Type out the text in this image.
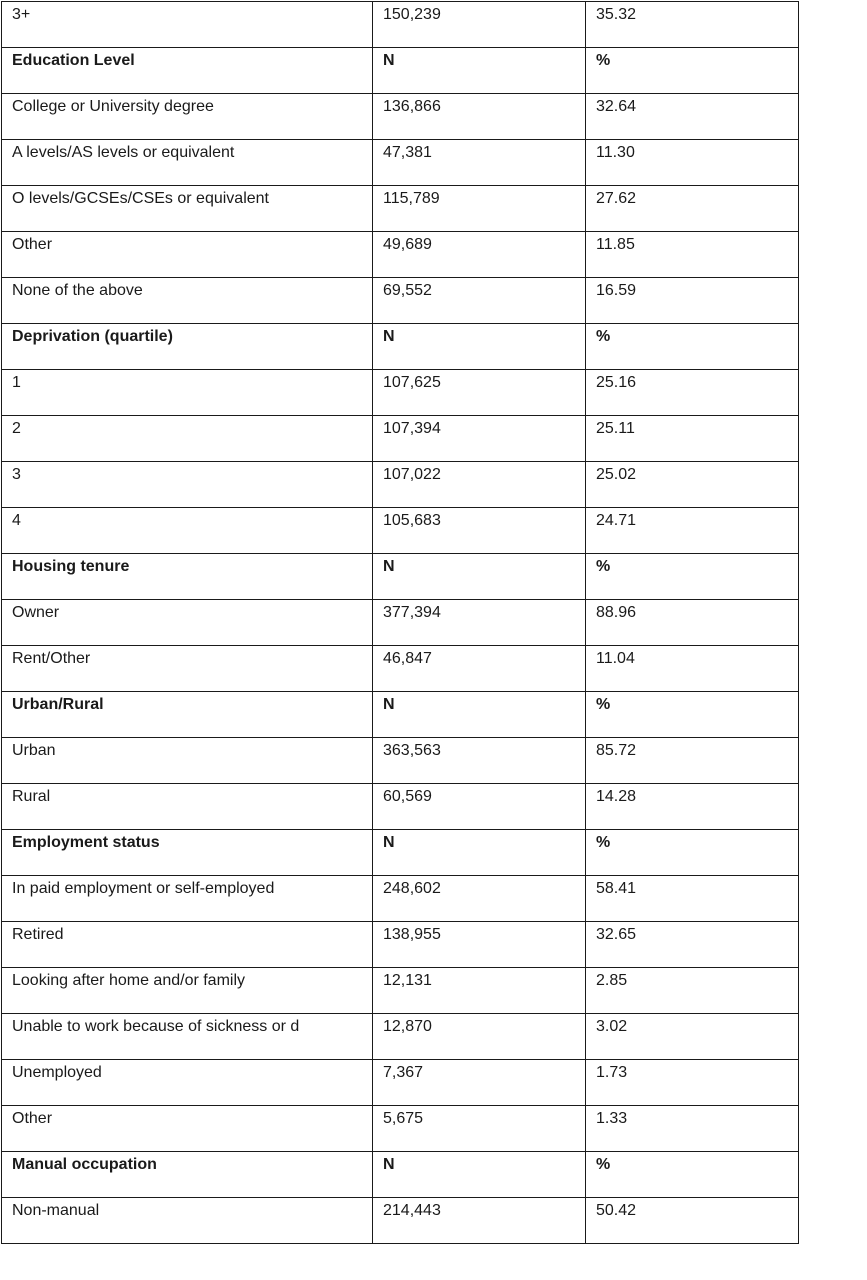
3+	150,239	35.32
Education Level	N	%
College or University degree	136,866	32.64
A levels/AS levels or equivalent	47,381	11.30
O levels/GCSEs/CSEs or equivalent	115,789	27.62
Other	49,689	11.85
None of the above	69,552	16.59
Deprivation (quartile)	N	%
1	107,625	25.16
2	107,394	25.11
3	107,022	25.02
4	105,683	24.71
Housing tenure	N	%
Owner	377,394	88.96
Rent/Other	46,847	11.04
Urban/Rural	N	%
Urban	363,563	85.72
Rural	60,569	14.28
Employment status	N	%
In paid employment or self-employed	248,602	58.41
Retired	138,955	32.65
Looking after home and/or family	12,131	2.85
Unable to work because of sickness or d	12,870	3.02
Unemployed	7,367	1.73
Other	5,675	1.33
Manual occupation	N	%
Non-manual	214,443	50.42
